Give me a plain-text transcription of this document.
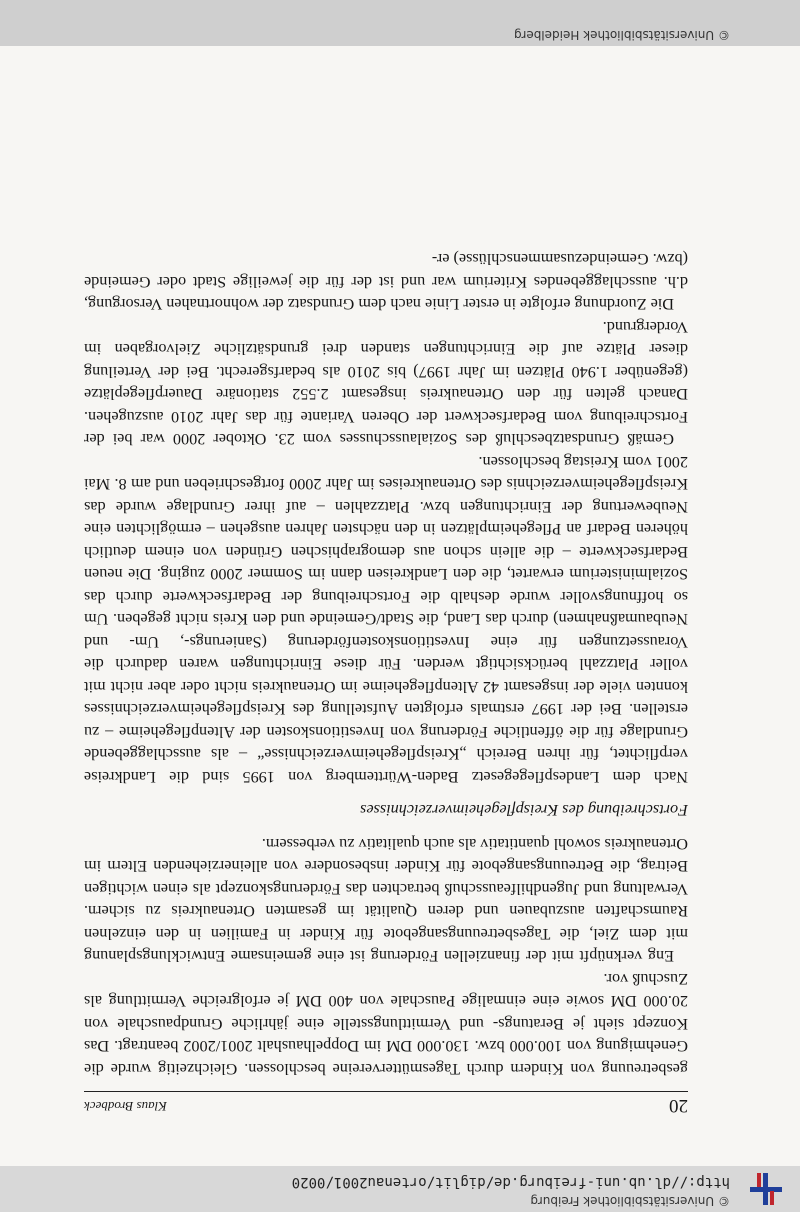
© Universitätsbibliothek Freiburg
http://dl.ub.uni-freiburg.de/diglit/ortenau2001/0020
20
Klaus Brodbeck

gesbetreuung von Kindern durch Tagesmüttervereine beschlossen. Gleichzeitig wurde die Genehmigung von 100.000 bzw. 130.000 DM im Doppelhaushalt 2001/2002 beantragt. Das Konzept sieht je Beratungs- und Vermittlungsstelle eine jährliche Grundpauschale von 20.000 DM sowie eine einmalige Pauschale von 400 DM je erfolgreiche Vermittlung als Zuschuß vor.

Eng verknüpft mit der finanziellen Förderung ist eine gemeinsame Entwicklungsplanung mit dem Ziel, die Tagesbetreuungsangebote für Kinder in Familien in den einzelnen Raumschaften auszubauen und deren Qualität im gesamten Ortenaukreis zu sichern. Verwaltung und Jugendhilfeausschuß betrachten das Förderungskonzept als einen wichtigen Beitrag, die Betreuungsangebote für Kinder insbesondere von alleinerziehenden Eltern im Ortenaukreis sowohl quantitativ als auch qualitativ zu verbessern.

Fortschreibung des Kreispflegeheimverzeichnisses

Nach dem Landespflegegesetz Baden-Württemberg von 1995 sind die Landkreise verpflichtet, für ihren Bereich „Kreispflegeheimverzeichnisse“ – als ausschlaggebende Grundlage für die öffentliche Förderung von Investitionskosten der Altenpflegeheime – zu erstellen. Bei der 1997 erstmals erfolgten Aufstellung des Kreispflegeheimverzeichnisses konnten viele der insgesamt 42 Altenpflegeheime im Ortenaukreis nicht oder aber nicht mit voller Platzzahl berücksichtigt werden. Für diese Einrichtungen waren dadurch die Voraussetzungen für eine Investitionskostenförderung (Sanierungs-, Um- und Neubaumaßnahmen) durch das Land, die Stadt/Gemeinde und den Kreis nicht gegeben. Um so hoffnungsvoller wurde deshalb die Fortschreibung der Bedarfseckwerte durch das Sozialministerium erwartet, die den Landkreisen dann im Sommer 2000 zuging. Die neuen Bedarfseckwerte – die allein schon aus demographischen Gründen von einem deutlich höheren Bedarf an Pflegeheimplätzen in den nächsten Jahren ausgehen – ermöglichten eine Neubewertung der Einrichtungen bzw. Platzzahlen – auf ihrer Grundlage wurde das Kreispflegeheimverzeichnis des Ortenaukreises im Jahr 2000 fortgeschrieben und am 8. Mai 2001 vom Kreistag beschlossen.

Gemäß Grundsatzbeschluß des Sozialausschusses vom 23. Oktober 2000 war bei der Fortschreibung vom Bedarfseckwert der Oberen Variante für das Jahr 2010 auszugehen. Danach gelten für den Ortenaukreis insgesamt 2.552 stationäre Dauerpflegeplätze (gegenüber 1.940 Plätzen im Jahr 1997) bis 2010 als bedarfsgerecht. Bei der Verteilung dieser Plätze auf die Einrichtungen standen drei grundsätzliche Zielvorgaben im Vordergrund.

Die Zuordnung erfolgte in erster Linie nach dem Grundsatz der wohnortnahen Versorgung, d.h. ausschlaggebendes Kriterium war und ist der für die jeweilige Stadt oder Gemeinde (bzw. Gemeindezusammenschlüsse) er-

© Universitätsbibliothek Heidelberg
